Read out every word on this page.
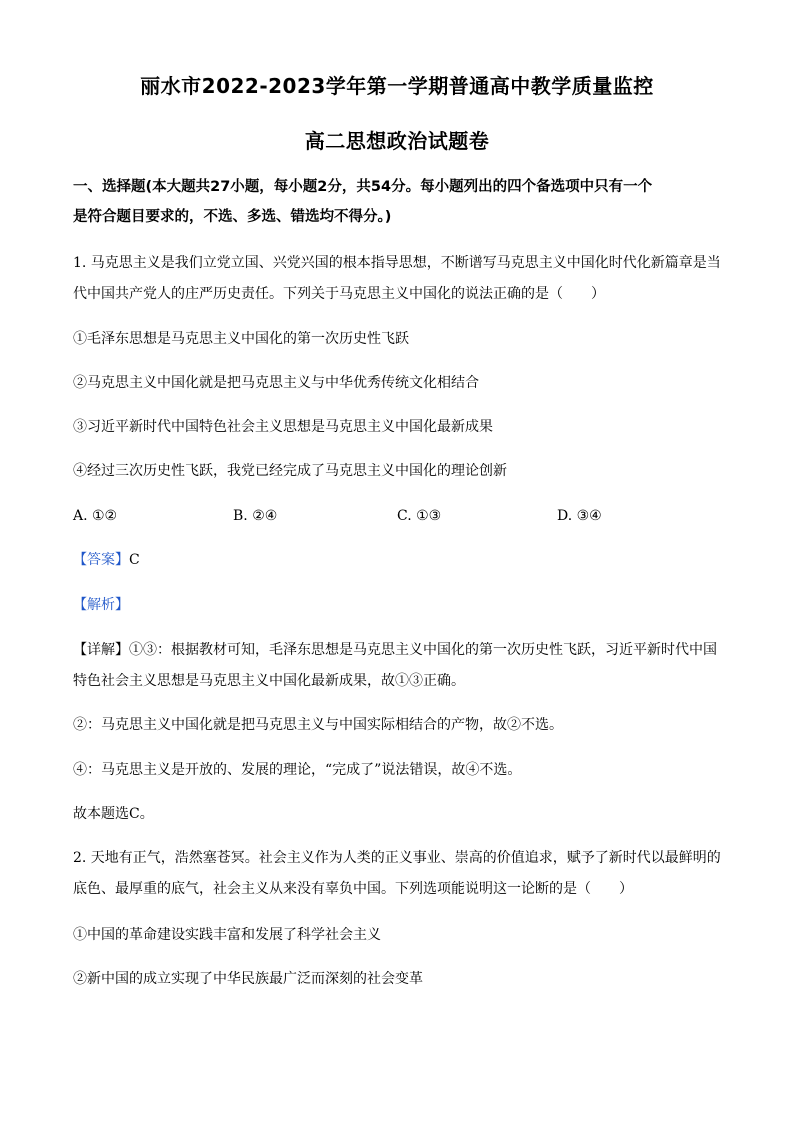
丽水市2022-2023学年第一学期普通高中教学质量监控
高二思想政治试题卷
一、选择题(本大题共27小题，每小题2分，共54分。每小题列出的四个备选项中只有一个
是符合题目要求的，不选、多选、错选均不得分。)
1. 马克思主义是我们立党立国、兴党兴国的根本指导思想，不断谱写马克思主义中国化时代化新篇章是当
代中国共产党人的庄严历史责任。下列关于马克思主义中国化的说法正确的是（　　）
①毛泽东思想是马克思主义中国化的第一次历史性飞跃
②马克思主义中国化就是把马克思主义与中华优秀传统文化相结合
③习近平新时代中国特色社会主义思想是马克思主义中国化最新成果
④经过三次历史性飞跃，我党已经完成了马克思主义中国化的理论创新
A. ①②	B. ②④	C. ①③	D. ③④
【答案】C
【解析】
【详解】①③：根据教材可知，毛泽东思想是马克思主义中国化的第一次历史性飞跃，习近平新时代中国
特色社会主义思想是马克思主义中国化最新成果，故①③正确。
②：马克思主义中国化就是把马克思主义与中国实际相结合的产物，故②不选。
④：马克思主义是开放的、发展的理论，“完成了”说法错误，故④不选。
故本题选C。
2. 天地有正气，浩然塞苍冥。社会主义作为人类的正义事业、崇高的价值追求，赋予了新时代以最鲜明的
底色、最厚重的底气，社会主义从来没有辜负中国。下列选项能说明这一论断的是（　　）
①中国的革命建设实践丰富和发展了科学社会主义
②新中国的成立实现了中华民族最广泛而深刻的社会变革
